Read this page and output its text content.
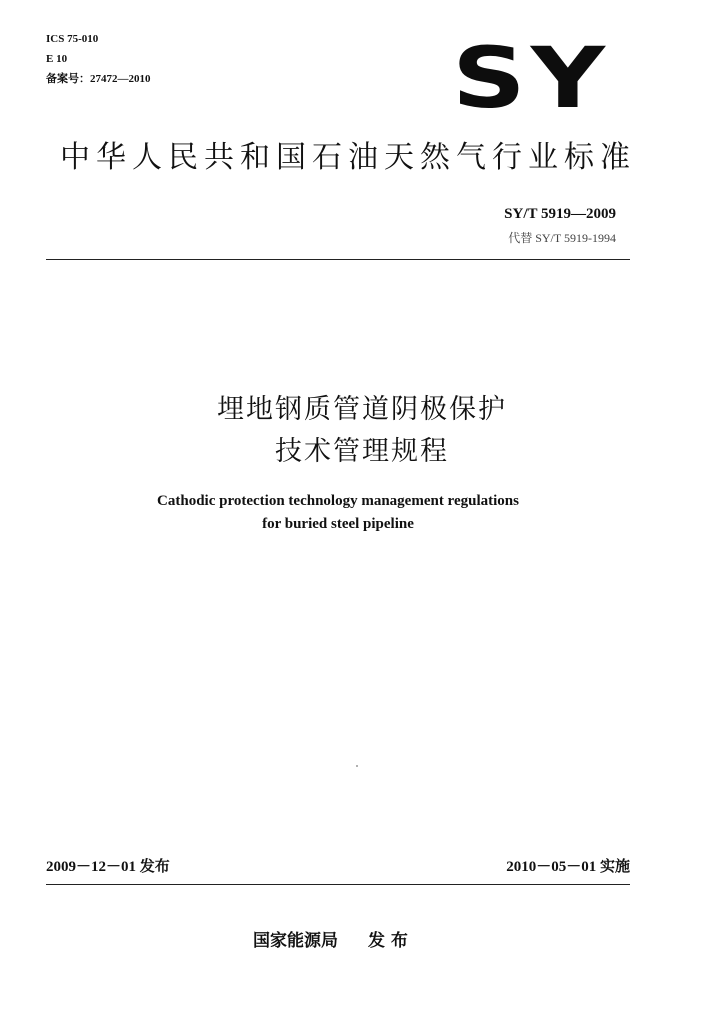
ICS 75-010
E 10
备案号：27472—2010	SY
中华人民共和国石油天然气行业标准
SY/T 5919—2009
代替 SY/T 5919-1994
埋地钢质管道阴极保护
技术管理规程
Cathodic protection technology management regulations
for buried steel pipeline
2009－12－01 发布	2010－05－01 实施
国家能源局 发 布
